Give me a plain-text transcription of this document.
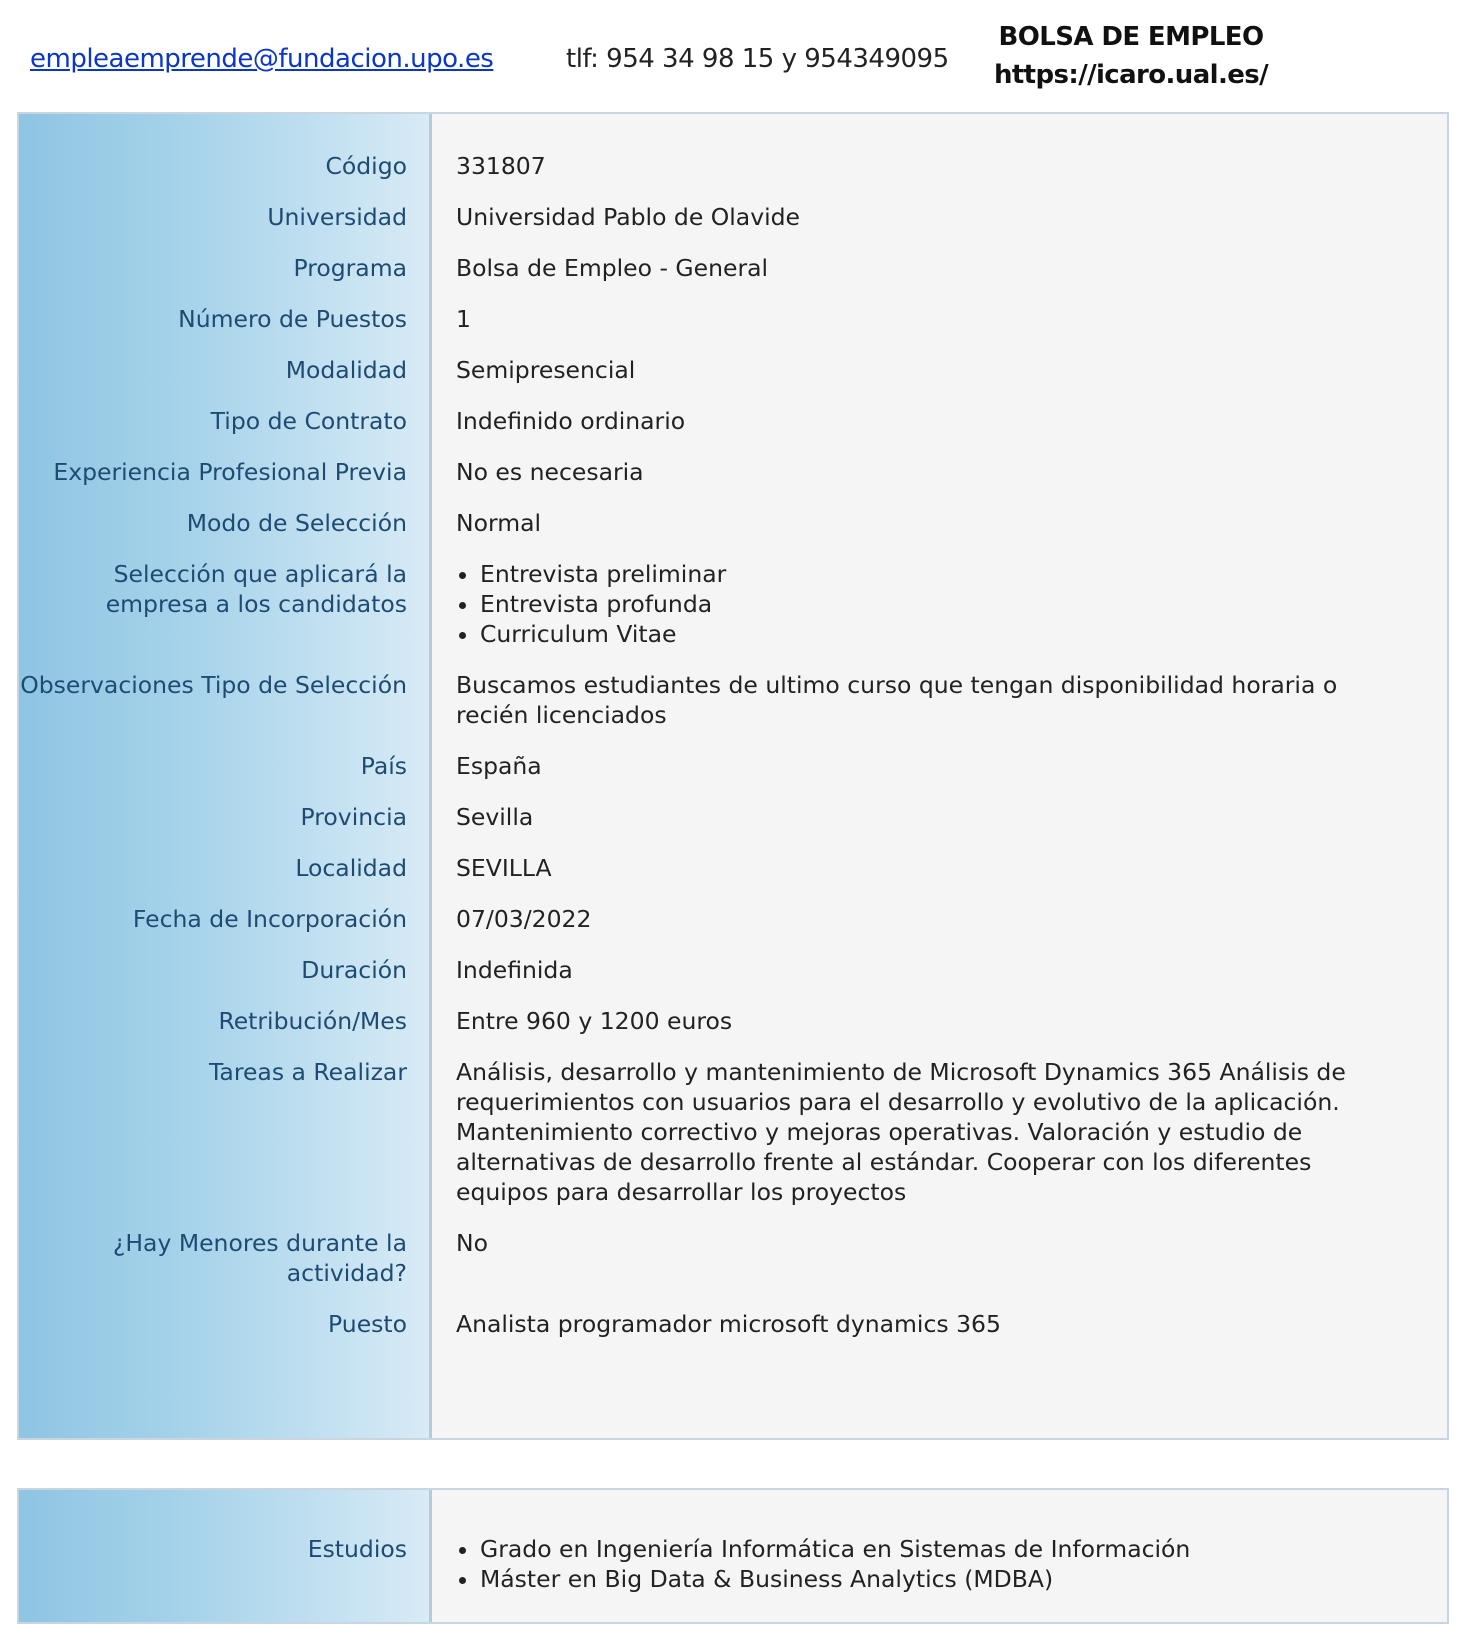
empleaemprende@fundacion.upo.es	tlf: 954 34 98 15 y 954349095
BOLSA DE EMPLEO
https://icaro.ual.es/
Código 331807
Universidad Universidad Pablo de Olavide
Programa Bolsa de Empleo - General
Número de Puestos 1
Modalidad Semipresencial
Tipo de Contrato Indefinido ordinario
Experiencia Profesional Previa No es necesaria
Modo de Selección Normal
Selección que aplicará la empresa a los candidatos
• Entrevista preliminar
• Entrevista profunda
• Curriculum Vitae
Observaciones Tipo de Selección Buscamos estudiantes de ultimo curso que tengan disponibilidad horaria o recién licenciados
País España
Provincia Sevilla
Localidad SEVILLA
Fecha de Incorporación 07/03/2022
Duración Indefinida
Retribución/Mes Entre 960 y 1200 euros
Tareas a Realizar Análisis, desarrollo y mantenimiento de Microsoft Dynamics 365 Análisis de requerimientos con usuarios para el desarrollo y evolutivo de la aplicación. Mantenimiento correctivo y mejoras operativas. Valoración y estudio de alternativas de desarrollo frente al estándar. Cooperar con los diferentes equipos para desarrollar los proyectos
¿Hay Menores durante la actividad?
No
Puesto Analista programador microsoft dynamics 365
Estudios
•	Grado en Ingeniería Informática en Sistemas de Información
• Máster en Big Data & Business Analytics (MDBA)
